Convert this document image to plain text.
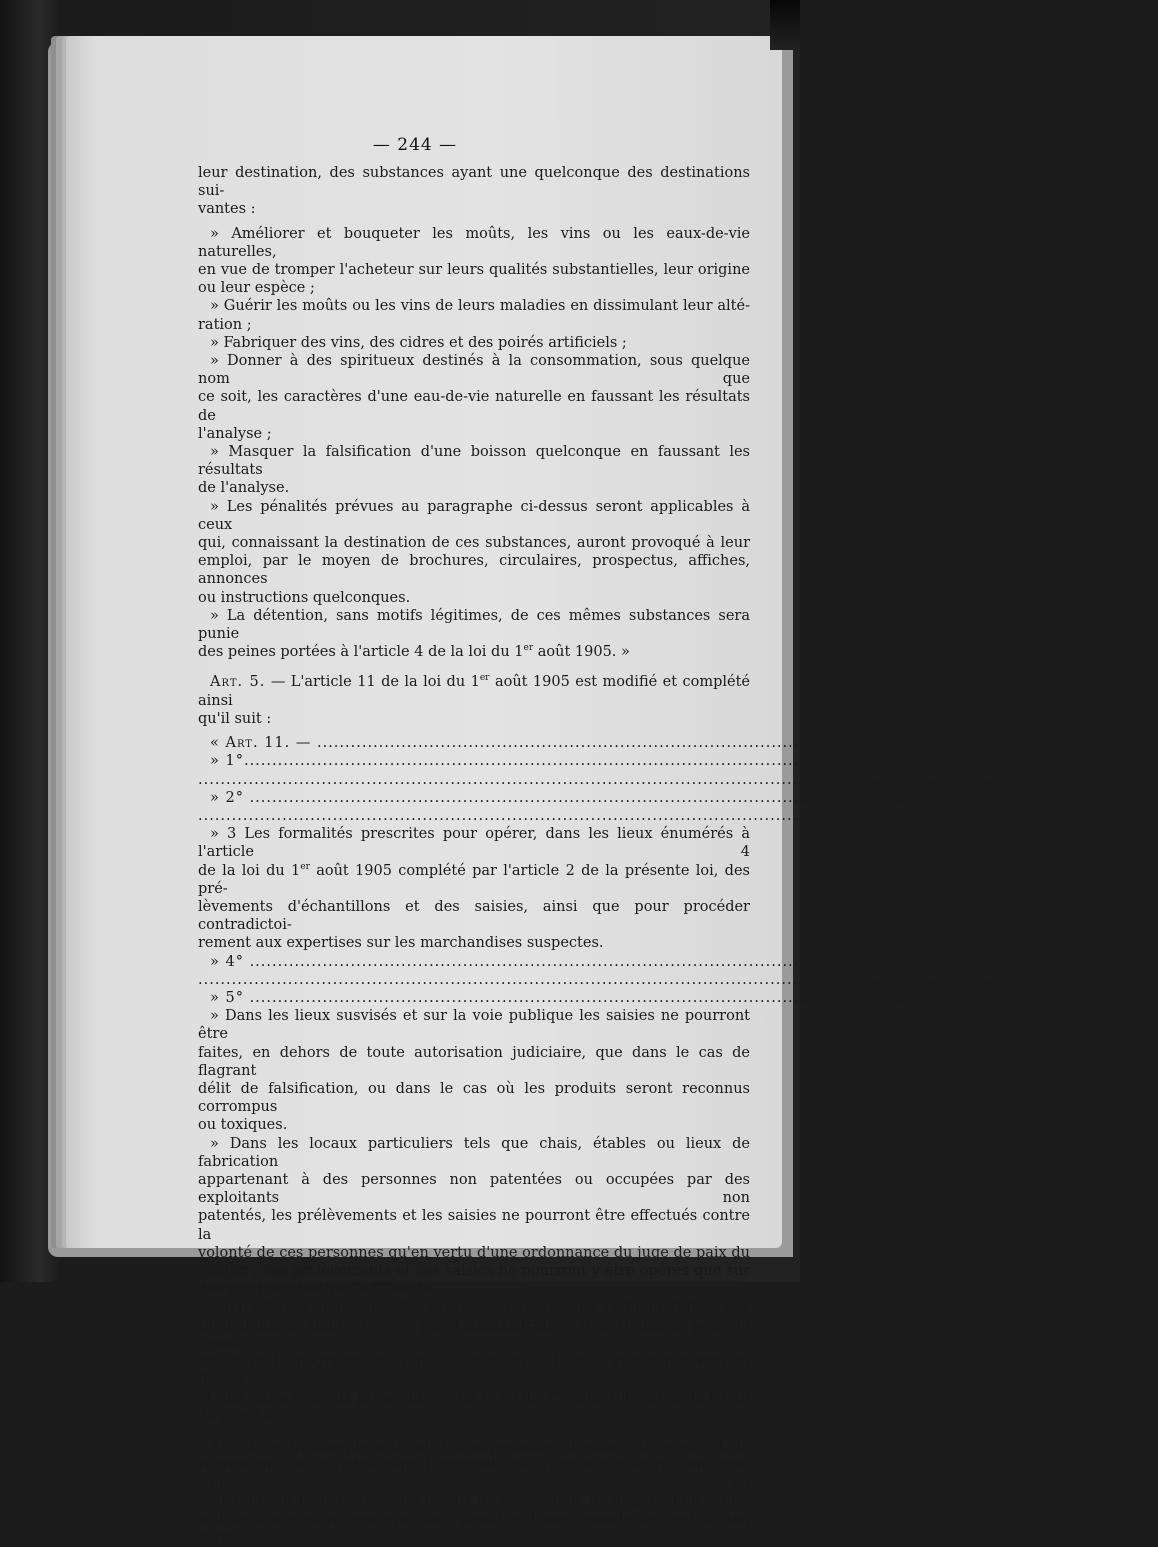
— 244 —
leur destination, des substances ayant une quelconque des destinations sui-
vantes :
» Améliorer et bouqueter les moûts, les vins ou les eaux-de-vie naturelles,
en vue de tromper l'acheteur sur leurs qualités substantielles, leur origine
ou leur espèce ;
» Guérir les moûts ou les vins de leurs maladies en dissimulant leur alté-
ration ;
» Fabriquer des vins, des cidres et des poirés artificiels ;
» Donner à des spiritueux destinés à la consommation, sous quelque nom que
ce soit, les caractères d'une eau-de-vie naturelle en faussant les résultats de
l'analyse ;
» Masquer la falsification d'une boisson quelconque en faussant les résultats
de l'analyse.
» Les pénalités prévues au paragraphe ci-dessus seront applicables à ceux
qui, connaissant la destination de ces substances, auront provoqué à leur
emploi, par le moyen de brochures, circulaires, prospectus, affiches, annonces
ou instructions quelconques.
» La détention, sans motifs légitimes, de ces mêmes substances sera punie
des peines portées à l'article 4 de la loi du 1er août 1905. »
Art. 5. — L'article 11 de la loi du 1er août 1905 est modifié et complété ainsi
qu'il suit :
« Art. 11. — ......................................................................................................................................................
» 1°......................................................................................................................................................
......................................................................................................................................................
» 2° ......................................................................................................................................................
......................................................................................................................................................
» 3 Les formalités prescrites pour opérer, dans les lieux énumérés à l'article 4
de la loi du 1er août 1905 complété par l'article 2 de la présente loi, des pré-
lèvements d'échantillons et des saisies, ainsi que pour procéder contradictoi-
rement aux expertises sur les marchandises suspectes.
» 4° ......................................................................................................................................................
......................................................................................................................................................
» 5° ......................................................................................................................................................
» Dans les lieux susvisés et sur la voie publique les saisies ne pourront être
faites, en dehors de toute autorisation judiciaire, que dans le cas de flagrant
délit de falsification, ou dans le cas où les produits seront reconnus corrompus
ou toxiques.
» Dans les locaux particuliers tels que chais, étables ou lieux de fabrication
appartenant à des personnes non patentées ou occupées par des exploitants non
patentés, les prélèvements et les saisies ne pourront être effectués contre la
volonté de ces personnes qu'en vertu d'une ordonnance du juge de paix du
canton ; ces prélèvements et ces saisies ne pourront y être opérés que sur
des produits destinés à la vente.
» Il n'est rien innové quant à la procédure suivie par l'administration des
Contributions indirectes et par l'administration des Douanes pour la consta-
tation et la poursuite de faits constituant à la fois une contravention fiscale
et une infraction aux prescriptions de la loi du 1er août 1905 et de la loi du
28 juin 1907. »
Art. 6. — Quiconque aura mis les inspecteurs ou agents de service de la
répression des fraudes dans l'impossibilité d'accomplir leurs fonctions, soit en
leur refusant l'entrée de leurs locaux de fabrication, de dépôt ou de vente,
soit de toute autre manière, sera passible d'une amende de cent à cinq cents
